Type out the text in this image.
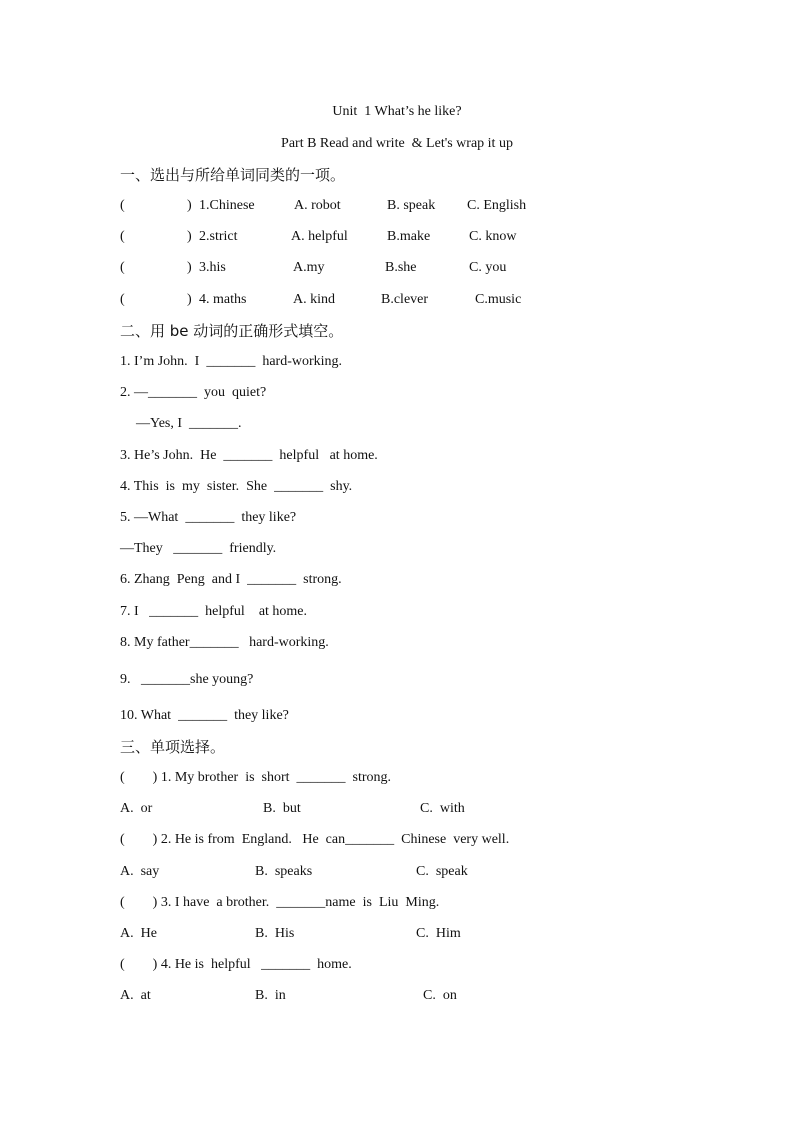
Unit  1 What’s he like?
Part B Read and write  & Let's wrap it up
一、选出与所给单词同类的一项。
(	) 1.Chinese	A. robot	B. speak C. English
(	) 2.strict	A. helpful	B.make	C. know
(	) 3.his	A.my	B.she	C. you
(	) 4. maths	A. kind	B.clever	C.music
二、用 be 动词的正确形式填空。
1. I’m John.  I  _______  hard-working.
2. —_______  you  quiet?
—Yes, I  _______.
3. He’s John.  He  _______  helpful   at home.
4. This  is  my  sister.  She  _______  shy.
5. —What  _______  they like?
—They   _______  friendly.
6. Zhang  Peng  and I  _______  strong.
7. I   _______  helpful    at home.
8. My father_______   hard-working.
9.   _______she young?
10. What  _______  they like?
三、单项选择。
(        ) 1. My brother  is  short  _______  strong.
A.  or	B.  but	C.  with
(        ) 2. He is from  England.   He  can_______  Chinese  very well.
A.  say	B.  speaks	C.  speak
(        ) 3. I have  a brother.  _______name  is  Liu  Ming.
A.  He	B.  His	C.  Him
(        ) 4. He is  helpful   _______  home.
A.  at	B.  in	C.  on
